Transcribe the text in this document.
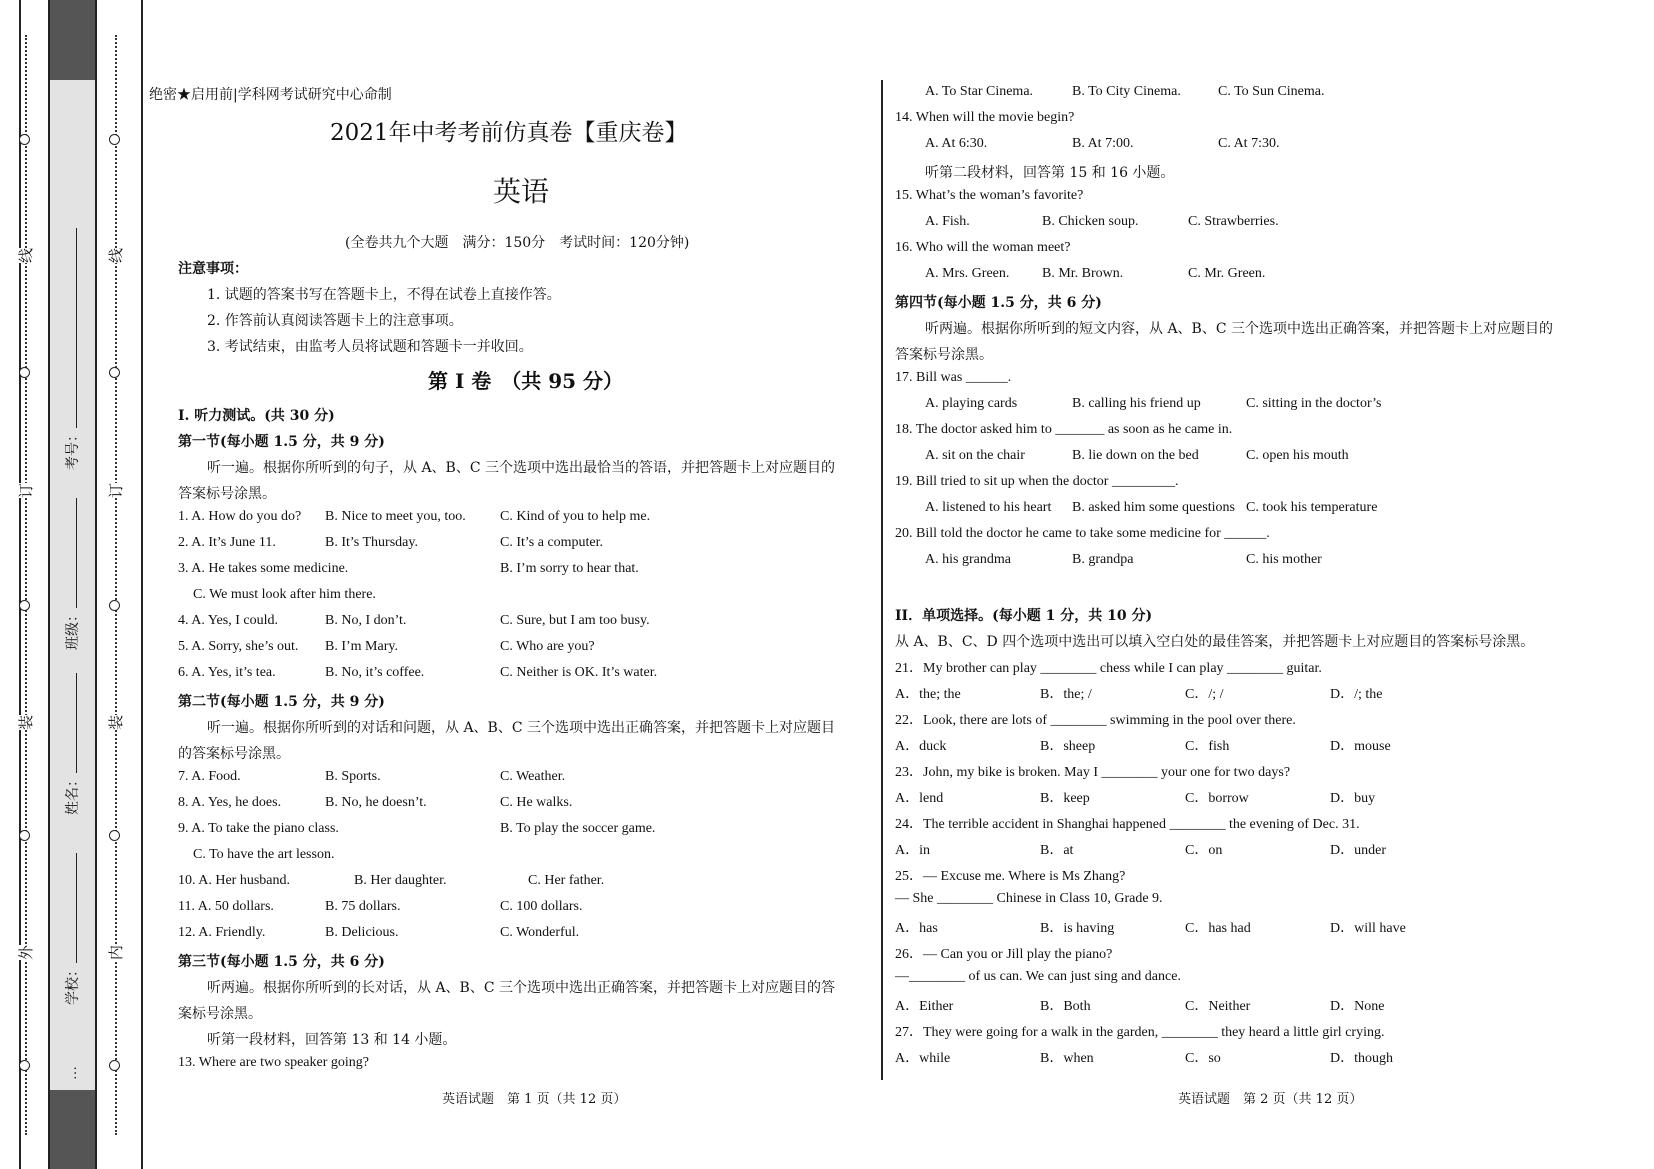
线
订
装
外
考号：
班级：
姓名：
学校：
…
线
订
装
内
绝密★启用前|学科网考试研究中心命制
2021年中考考前仿真卷【重庆卷】
英语
(全卷共九个大题　满分：150分　考试时间：120分钟)
注意事项：
1. 试题的答案书写在答题卡上，不得在试卷上直接作答。
2. 作答前认真阅读答题卡上的注意事项。
3. 考试结束，由监考人员将试题和答题卡一并收回。
第 I 卷　（共 95 分）
I. 听力测试。(共 30 分)
第一节(每小题 1.5 分，共 9 分)
听一遍。根据你所听到的句子，从 A、B、C 三个选项中选出最恰当的答语，并把答题卡上对应题目的
答案标号涂黑。
1. A. How do you do? B. Nice to meet you, too. C. Kind of you to help me.
2. A. It’s June 11.	B. It’s Thursday.	C. It’s a computer.
3. A. He takes some medicine.	B. I’m sorry to hear that.
C. We must look after him there.
4. A. Yes, I could.	B. No, I don’t.	C. Sure, but I am too busy.
5. A. Sorry, she’s out. B. I’m Mary.	C. Who are you?
6. A. Yes, it’s tea.	B. No, it’s coffee.	C. Neither is OK. It’s water.
第二节(每小题 1.5 分，共 9 分)
听一遍。根据你所听到的对话和问题，从 A、B、C 三个选项中选出正确答案，并把答题卡上对应题目
的答案标号涂黑。
7. A. Food.	B. Sports.	C. Weather.
8. A. Yes, he does.	B. No, he doesn’t.	C. He walks.
9. A. To take the piano class.	B. To play the soccer game.
C. To have the art lesson.
10. A. Her husband.	B. Her daughter.	C. Her father.
11. A. 50 dollars.	B. 75 dollars.	C. 100 dollars.
12. A. Friendly.	B. Delicious.	C. Wonderful.
第三节(每小题 1.5 分，共 6 分)
听两遍。根据你所听到的长对话，从 A、B、C 三个选项中选出正确答案，并把答题卡上对应题目的答
案标号涂黑。
听第一段材料，回答第 13 和 14 小题。
13. Where are two speaker going?
英语试题　第 1 页（共 12 页）
A. To Star Cinema.	B. To City Cinema.	C. To Sun Cinema.
14. When will the movie begin?
A. At 6:30.	B. At 7:00.	C. At 7:30.
听第二段材料，回答第 15 和 16 小题。
15. What’s the woman’s favorite?
A. Fish.	B. Chicken soup.	C. Strawberries.
16. Who will the woman meet?
A. Mrs. Green. B. Mr. Brown.	C. Mr. Green.
第四节(每小题 1.5 分，共 6 分)
听两遍。根据你所听到的短文内容，从 A、B、C 三个选项中选出正确答案，并把答题卡上对应题目的
答案标号涂黑。
17. Bill was ______.
A. playing cards	B. calling his friend up	C. sitting in the doctor’s
18. The doctor asked him to _______ as soon as he came in.
A. sit on the chair	B. lie down on the bed	C. open his mouth
19. Bill tried to sit up when the doctor _________.
A. listened to his heart B. asked him some questions C. took his temperature
20. Bill told the doctor he came to take some medicine for ______.
A. his grandma	B. grandpa	C. his mother
II．单项选择。(每小题 1 分，共 10 分)
从 A、B、C、D 四个选项中选出可以填入空白处的最佳答案，并把答题卡上对应题目的答案标号涂黑。
21．My brother can play ________ chess while I can play ________ guitar.
A．the; the	B．the; /	C．/; /	D．/; the
22．Look, there are lots of ________ swimming in the pool over there.
A．duck	B．sheep	C．fish	D．mouse
23．John, my bike is broken. May I ________ your one for two days?
A．lend	B．keep	C．borrow	D．buy
24．The terrible accident in Shanghai happened ________ the evening of Dec. 31.
A．in	B．at	C．on	D．under
25．— Excuse me. Where is Ms Zhang?
— She ________ Chinese in Class 10, Grade 9.
A．has	B．is having	C．has had	D．will have
26．— Can you or Jill play the piano?
—________ of us can. We can just sing and dance.
A．Either	B．Both	C．Neither	D．None
27．They were going for a walk in the garden, ________ they heard a little girl crying.
A．while	B．when	C．so	D．though
英语试题　第 2 页（共 12 页）
